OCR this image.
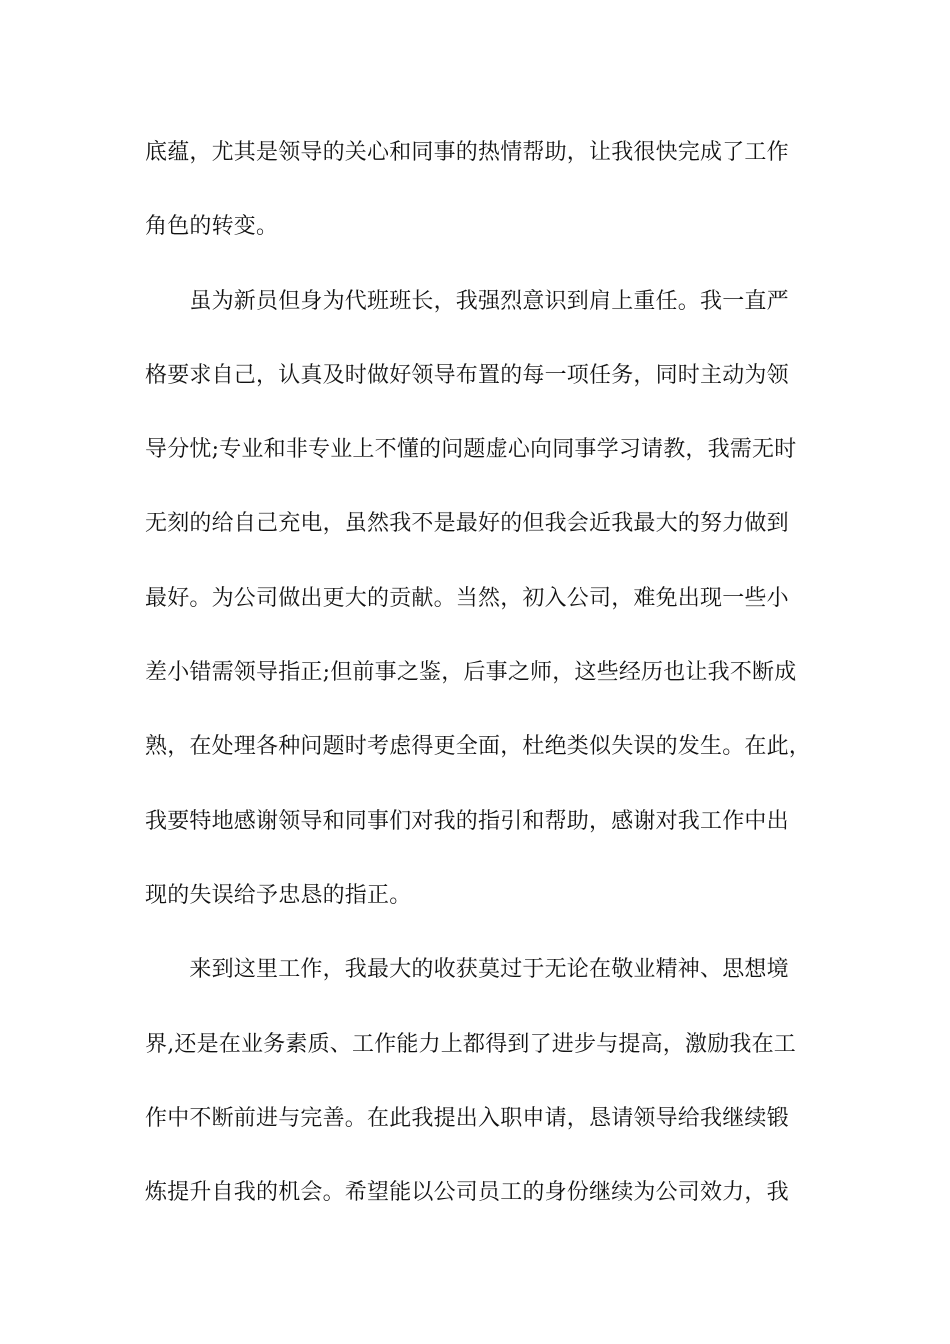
底蕴，尤其是领导的关心和同事的热情帮助，让我很快完成了工作
角色的转变。
　　虽为新员但身为代班班长，我强烈意识到肩上重任。我一直严
格要求自己，认真及时做好领导布置的每一项任务，同时主动为领
导分忧;专业和非专业上不懂的问题虚心向同事学习请教，我需无时
无刻的给自己充电，虽然我不是最好的但我会近我最大的努力做到
最好。为公司做出更大的贡献。当然，初入公司，难免出现一些小
差小错需领导指正;但前事之鉴，后事之师，这些经历也让我不断成
熟，在处理各种问题时考虑得更全面，杜绝类似失误的发生。在此，
我要特地感谢领导和同事们对我的指引和帮助，感谢对我工作中出
现的失误给予忠恳的指正。
　　来到这里工作，我最大的收获莫过于无论在敬业精神、思想境
界,还是在业务素质、工作能力上都得到了进步与提高，激励我在工
作中不断前进与完善。在此我提出入职申请，恳请领导给我继续锻
炼提升自我的机会。希望能以公司员工的身份继续为公司效力，我
